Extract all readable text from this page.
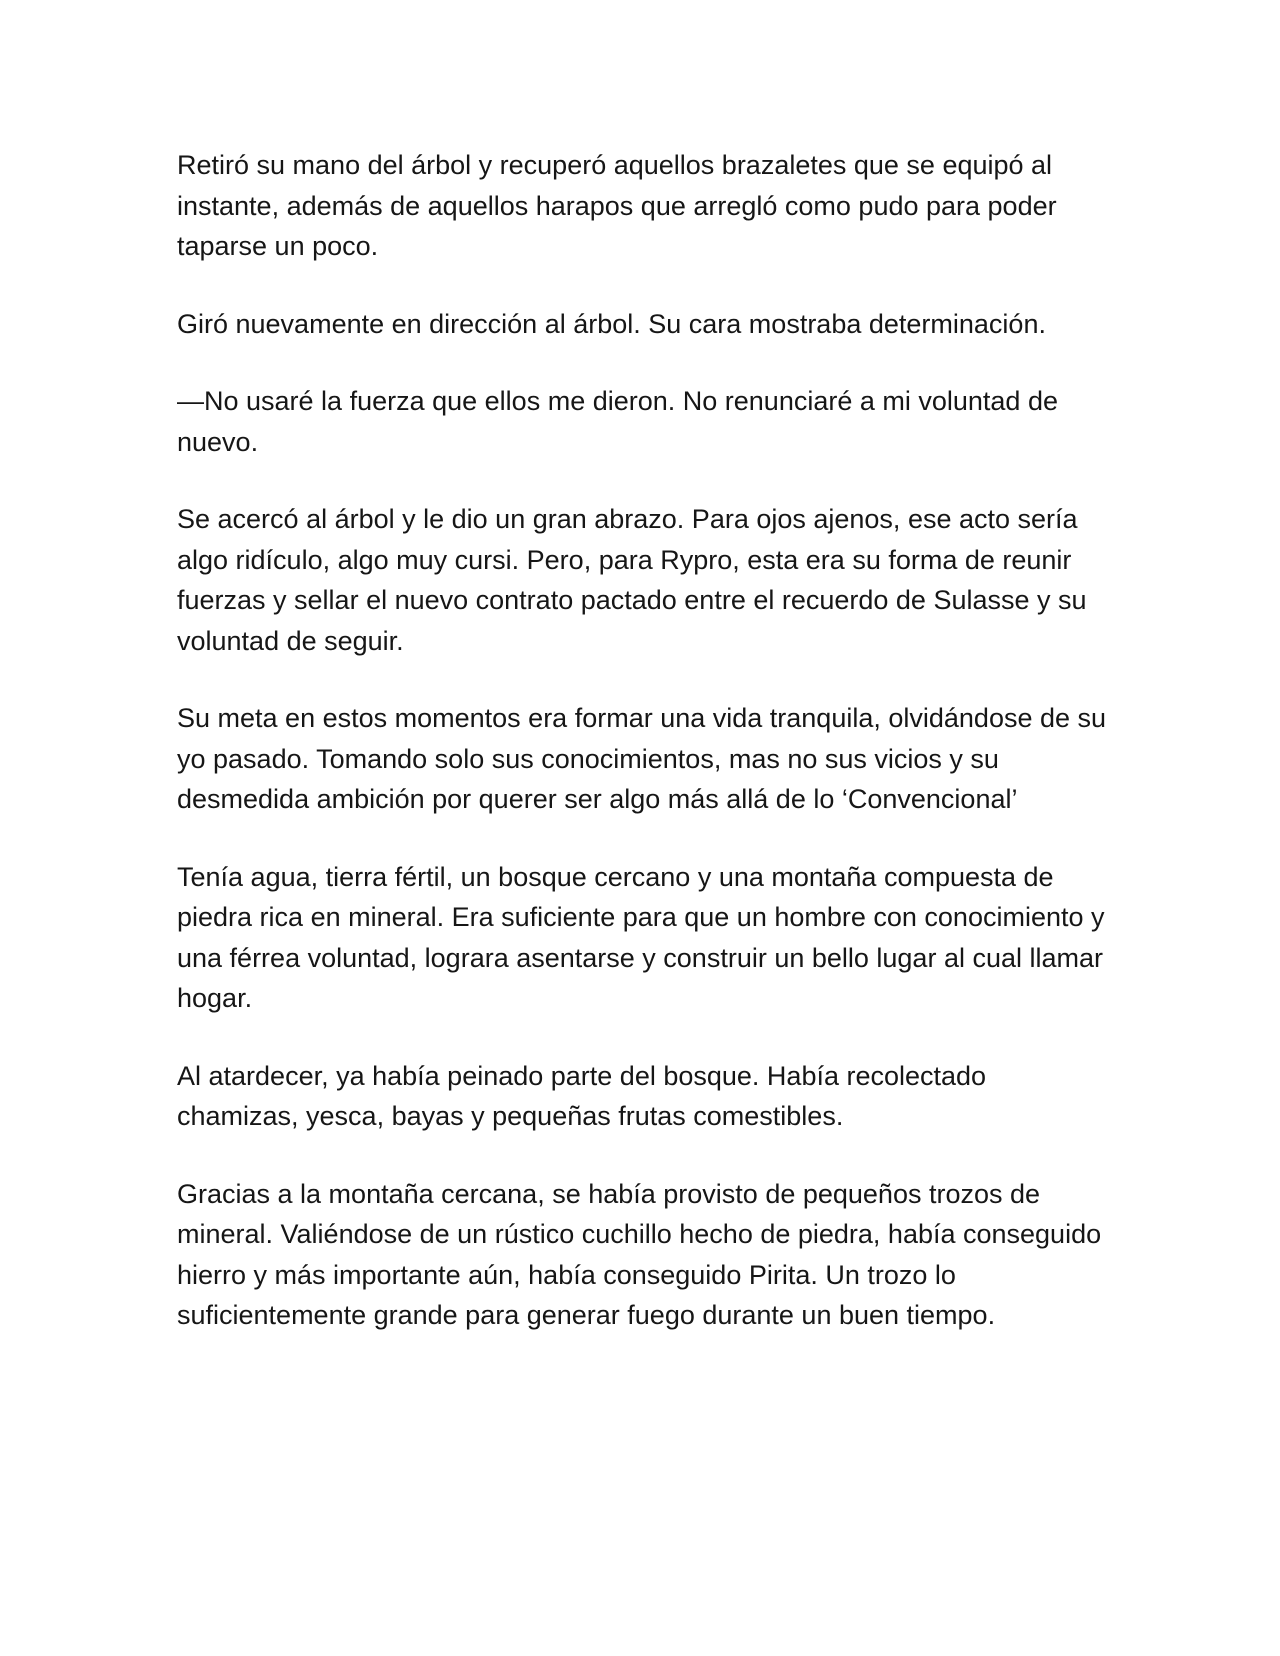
Retiró su mano del árbol y recuperó aquellos brazaletes que se equipó al instante, además de aquellos harapos que arregló como pudo para poder taparse un poco.

Giró nuevamente en dirección al árbol. Su cara mostraba determinación.

—No usaré la fuerza que ellos me dieron. No renunciaré a mi voluntad de nuevo.

Se acercó al árbol y le dio un gran abrazo. Para ojos ajenos, ese acto sería algo ridículo, algo muy cursi. Pero, para Rypro, esta era su forma de reunir fuerzas y sellar el nuevo contrato pactado entre el recuerdo de Sulasse y su voluntad de seguir.

Su meta en estos momentos era formar una vida tranquila, olvidándose de su yo pasado. Tomando solo sus conocimientos, mas no sus vicios y su desmedida ambición por querer ser algo más allá de lo ‘Convencional’

Tenía agua, tierra fértil, un bosque cercano y una montaña compuesta de piedra rica en mineral. Era suficiente para que un hombre con conocimiento y una férrea voluntad, lograra asentarse y construir un bello lugar al cual llamar hogar.

Al atardecer, ya había peinado parte del bosque. Había recolectado chamizas, yesca, bayas y pequeñas frutas comestibles.

Gracias a la montaña cercana, se había provisto de pequeños trozos de mineral. Valiéndose de un rústico cuchillo hecho de piedra, había conseguido hierro y más importante aún, había conseguido Pirita. Un trozo lo suficientemente grande para generar fuego durante un buen tiempo.
